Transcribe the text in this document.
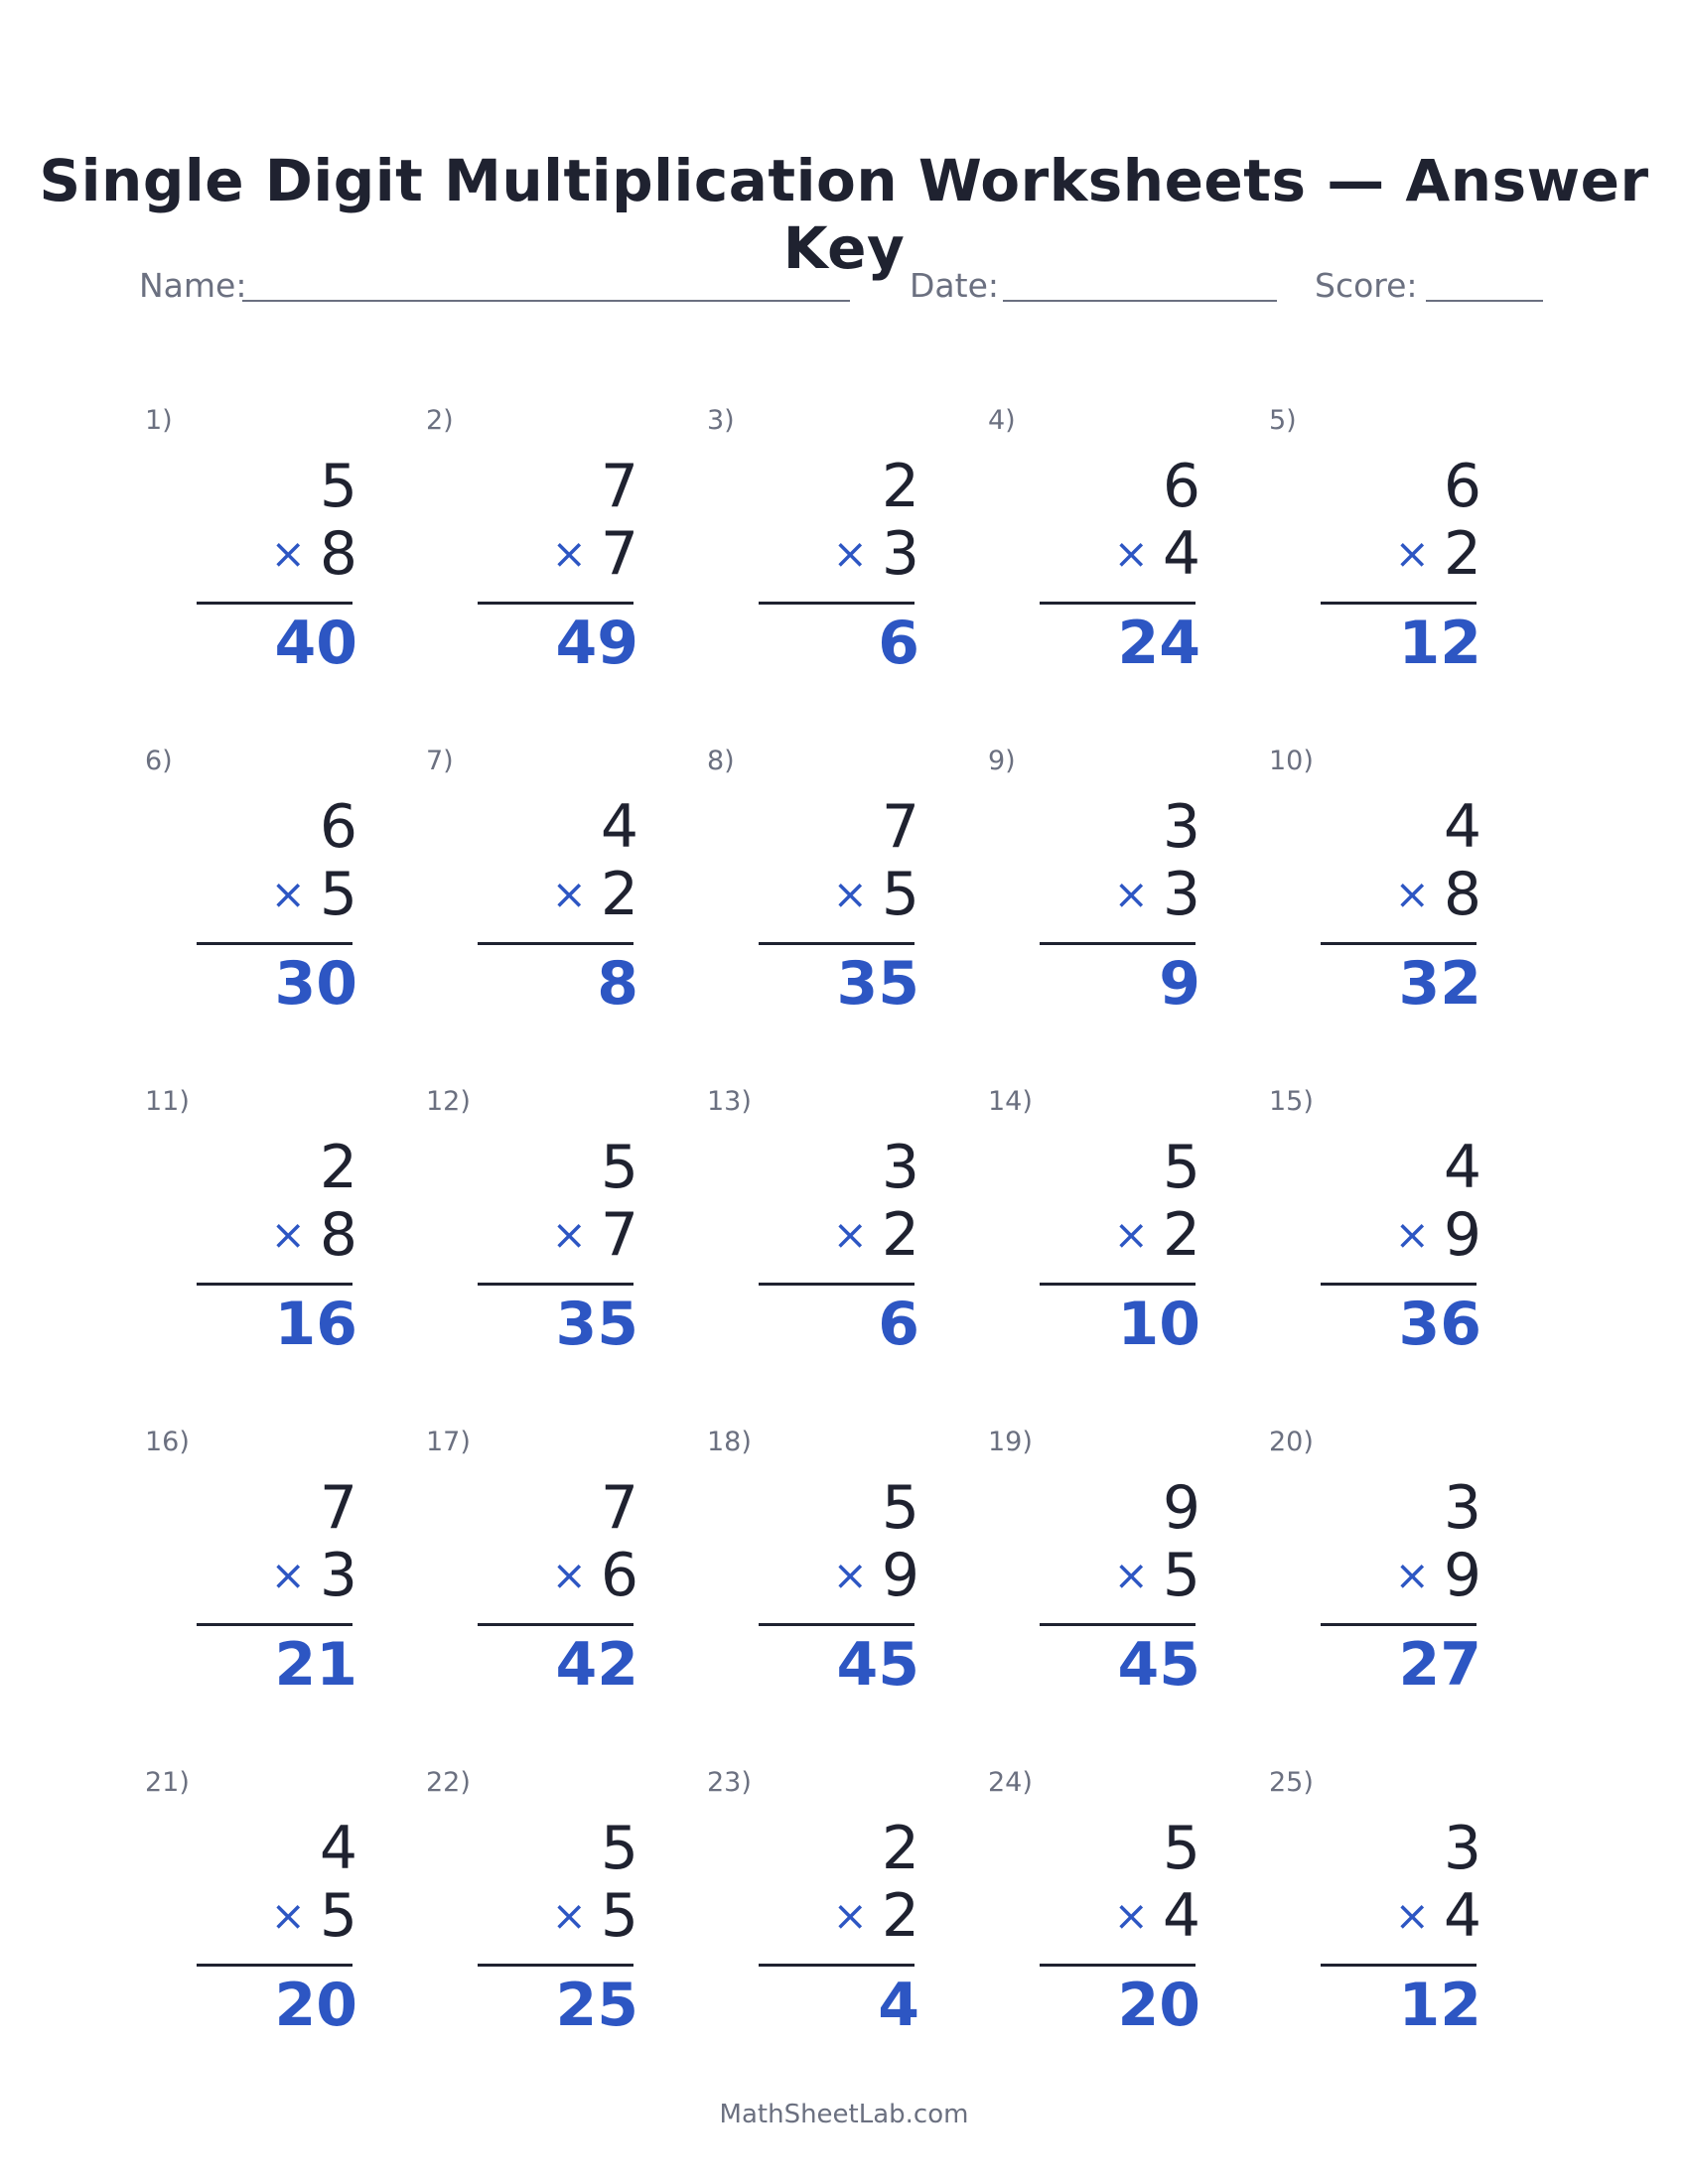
Single Digit Multiplication Worksheets — Answer Key
Name:	Date:	Score:
1)
5
× 8
40
2)
7
× 7
49
3)
2
× 3
6
4)
6
× 4
24
5)
6
× 2
12
6)
6
× 5
30
7)
4
× 2
8
8)
7
× 5
35
9)
3
× 3
9
10)
4
× 8
32
11)
2
× 8
16
12)
5
× 7
35
13)
3
× 2
6
14)
5
× 2
10
15)
4
× 9
36
16)
7
× 3
21
17)
7
× 6
42
18)
5
× 9
45
19)
9
× 5
45
20)
3
× 9
27
21)
4
× 5
20
22)
5
× 5
25
23)
2
× 2
4
24)
5
× 4
20
25)
3
× 4
12
MathSheetLab.com
